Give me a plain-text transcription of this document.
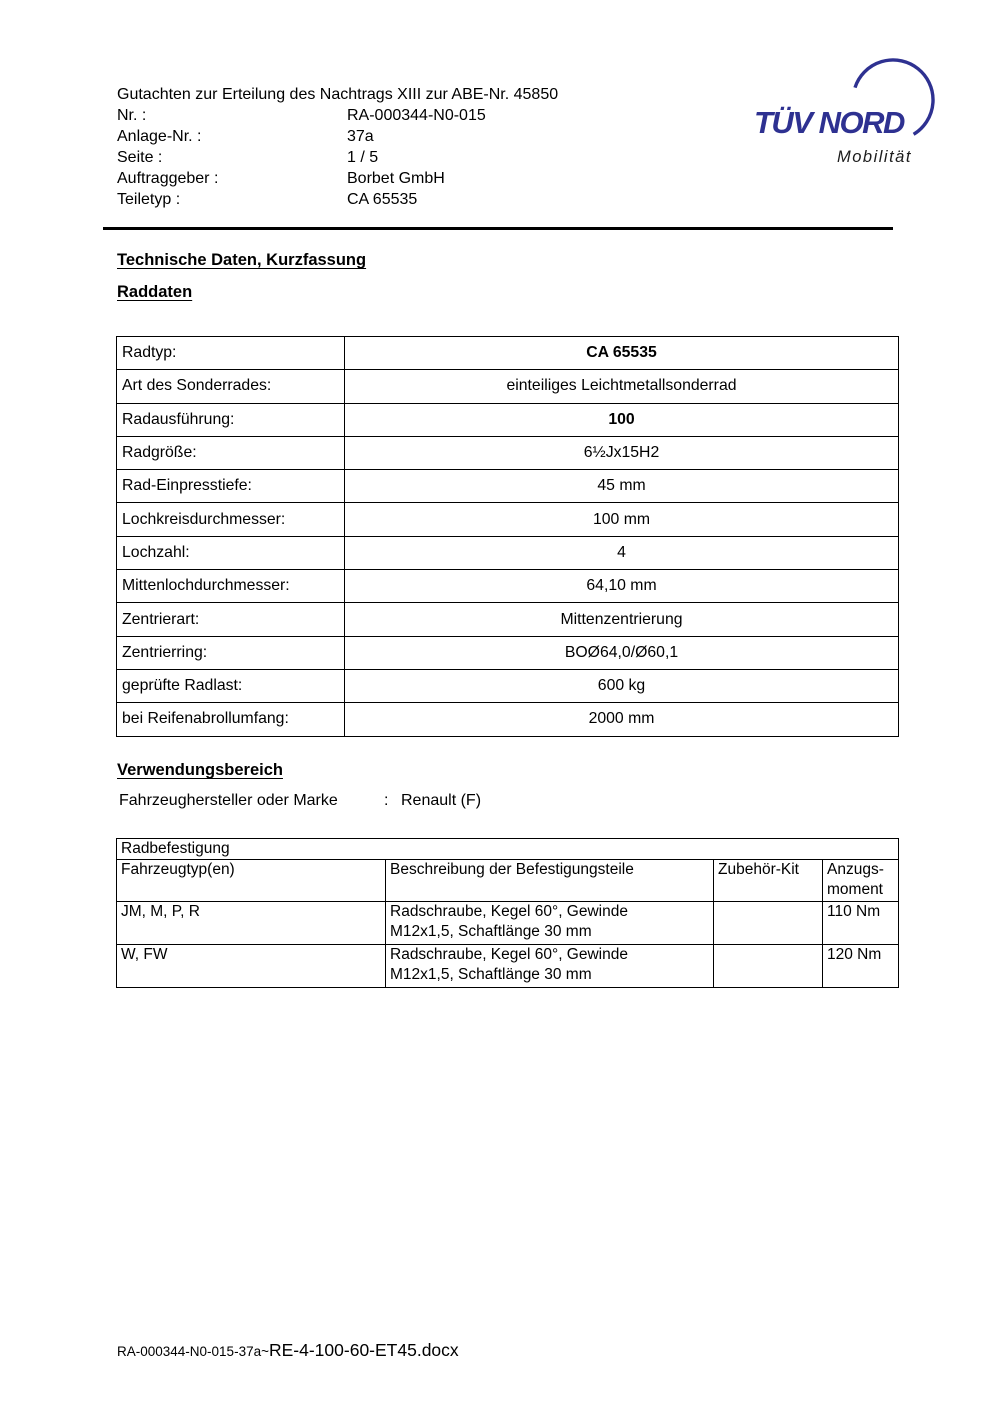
Gutachten zur Erteilung des Nachtrags XIII zur ABE-Nr. 45850
Nr. :	RA-000344-N0-015
Anlage-Nr. :	37a
Seite :	1 / 5
Auftraggeber :	Borbet GmbH
Teiletyp :	CA 65535
TÜV NORD
Mobilität
Technische Daten, Kurzfassung
Raddaten
Radtyp:	CA 65535
Art des Sonderrades:	einteiliges Leichtmetallsonderrad
Radausführung:	100
Radgröße:	6½Jx15H2
Rad-Einpresstiefe:	45 mm
Lochkreisdurchmesser:	100 mm
Lochzahl:	4
Mittenlochdurchmesser:	64,10 mm
Zentrierart:	Mittenzentrierung
Zentrierring:	BOØ64,0/Ø60,1
geprüfte Radlast:	600 kg
bei Reifenabrollumfang:	2000 mm
Verwendungsbereich
Fahrzeughersteller oder Marke	: Renault (F)
Radbefestigung			
Fahrzeugtyp(en)	Beschreibung der Befestigungsteile	Zubehör-Kit	Anzugs-
moment

JM, M, P, R	Radschraube, Kegel 60°, Gewinde
M12x1,5, Schaftlänge 30 mm		110 Nm
W, FW	Radschraube, Kegel 60°, Gewinde
M12x1,5, Schaftlänge 30 mm		120 Nm
RA-000344-N0-015-37a~RE-4-100-60-ET45.docx
